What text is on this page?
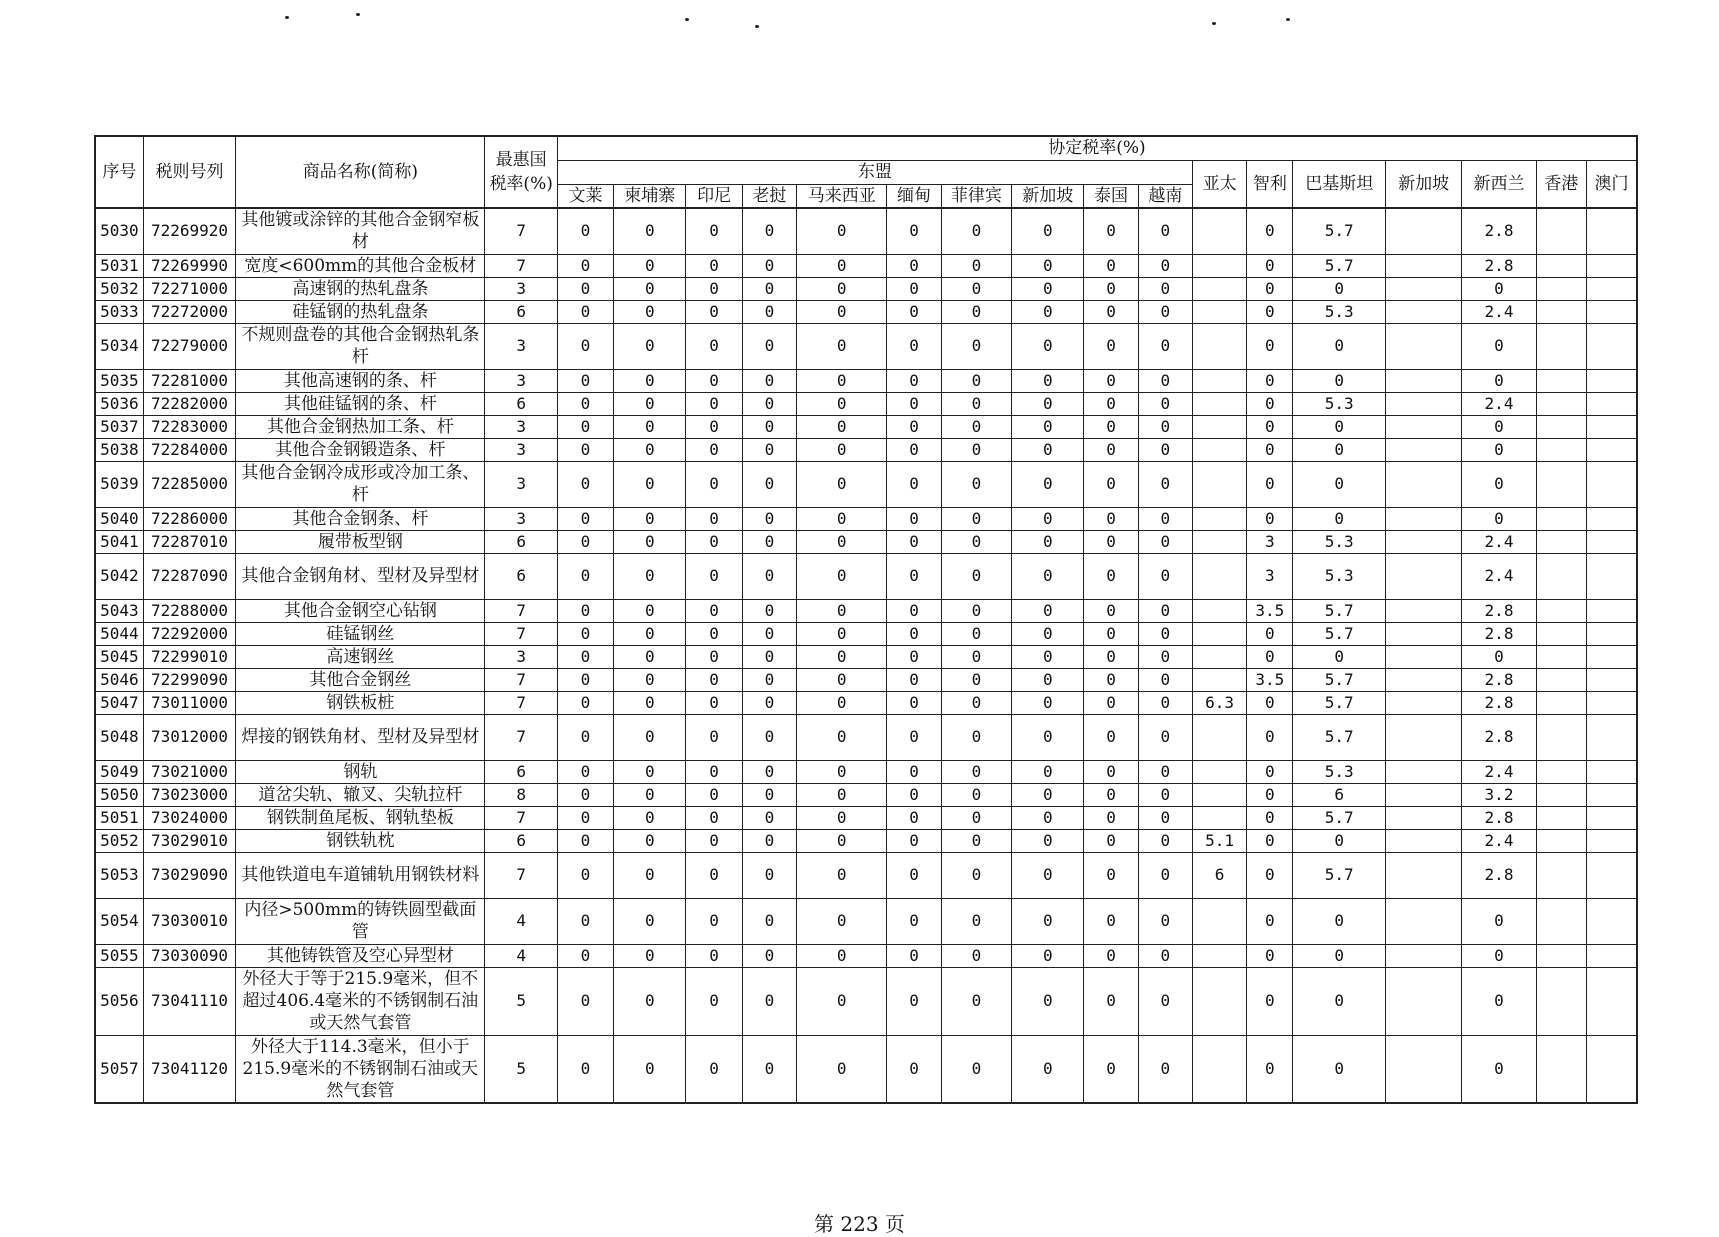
序号	税则号列	商品名称(简称)	最惠国税率(%)	协定税率(%)																
				东盟										亚太	智利	巴基斯坦	新加坡	新西兰	香港	澳门
				文莱	柬埔寨	印尼	老挝	马来西亚	缅甸	菲律宾	新加坡	泰国	越南							
5030	72269920	其他镀或涂锌的其他合金钢窄板材	7	0	0	0	0	0	0	0	0	0	0		0	5.7		2.8		
5031	72269990	宽度<600mm的其他合金板材	7	0	0	0	0	0	0	0	0	0	0		0	5.7		2.8		
5032	72271000	高速钢的热轧盘条	3	0	0	0	0	0	0	0	0	0	0		0	0		0		
5033	72272000	硅锰钢的热轧盘条	6	0	0	0	0	0	0	0	0	0	0		0	5.3		2.4		
5034	72279000	不规则盘卷的其他合金钢热轧条杆	3	0	0	0	0	0	0	0	0	0	0		0	0		0		
5035	72281000	其他高速钢的条、杆	3	0	0	0	0	0	0	0	0	0	0		0	0		0		
5036	72282000	其他硅锰钢的条、杆	6	0	0	0	0	0	0	0	0	0	0		0	5.3		2.4		
5037	72283000	其他合金钢热加工条、杆	3	0	0	0	0	0	0	0	0	0	0		0	0		0		
5038	72284000	其他合金钢锻造条、杆	3	0	0	0	0	0	0	0	0	0	0		0	0		0		
5039	72285000	其他合金钢冷成形或冷加工条、杆	3	0	0	0	0	0	0	0	0	0	0		0	0		0		
5040	72286000	其他合金钢条、杆	3	0	0	0	0	0	0	0	0	0	0		0	0		0		
5041	72287010	履带板型钢	6	0	0	0	0	0	0	0	0	0	0		3	5.3		2.4		
5042	72287090	其他合金钢角材、型材及异型材	6	0	0	0	0	0	0	0	0	0	0		3	5.3		2.4		
5043	72288000	其他合金钢空心钻钢	7	0	0	0	0	0	0	0	0	0	0		3.5	5.7		2.8		
5044	72292000	硅锰钢丝	7	0	0	0	0	0	0	0	0	0	0		0	5.7		2.8		
5045	72299010	高速钢丝	3	0	0	0	0	0	0	0	0	0	0		0	0		0		
5046	72299090	其他合金钢丝	7	0	0	0	0	0	0	0	0	0	0		3.5	5.7		2.8		
5047	73011000	钢铁板桩	7	0	0	0	0	0	0	0	0	0	0	6.3	0	5.7		2.8		
5048	73012000	焊接的钢铁角材、型材及异型材	7	0	0	0	0	0	0	0	0	0	0		0	5.7		2.8		
5049	73021000	钢轨	6	0	0	0	0	0	0	0	0	0	0		0	5.3		2.4		
5050	73023000	道岔尖轨、辙叉、尖轨拉杆	8	0	0	0	0	0	0	0	0	0	0		0	6		3.2		
5051	73024000	钢铁制鱼尾板、钢轨垫板	7	0	0	0	0	0	0	0	0	0	0		0	5.7		2.8		
5052	73029010	钢铁轨枕	6	0	0	0	0	0	0	0	0	0	0	5.1	0	0		2.4		
5053	73029090	其他铁道电车道铺轨用钢铁材料	7	0	0	0	0	0	0	0	0	0	0	6	0	5.7		2.8		
5054	73030010	内径>500mm的铸铁圆型截面管	4	0	0	0	0	0	0	0	0	0	0		0	0		0		
5055	73030090	其他铸铁管及空心异型材	4	0	0	0	0	0	0	0	0	0	0		0	0		0		
5056	73041110	外径大于等于215.9毫米，但不超过406.4毫米的不锈钢制石油或天然气套管	5	0	0	0	0	0	0	0	0	0	0		0	0		0		
5057	73041120	外径大于114.3毫米，但小于215.9毫米的不锈钢制石油或天然气套管	5	0	0	0	0	0	0	0	0	0	0		0	0		0		
第 223 页
